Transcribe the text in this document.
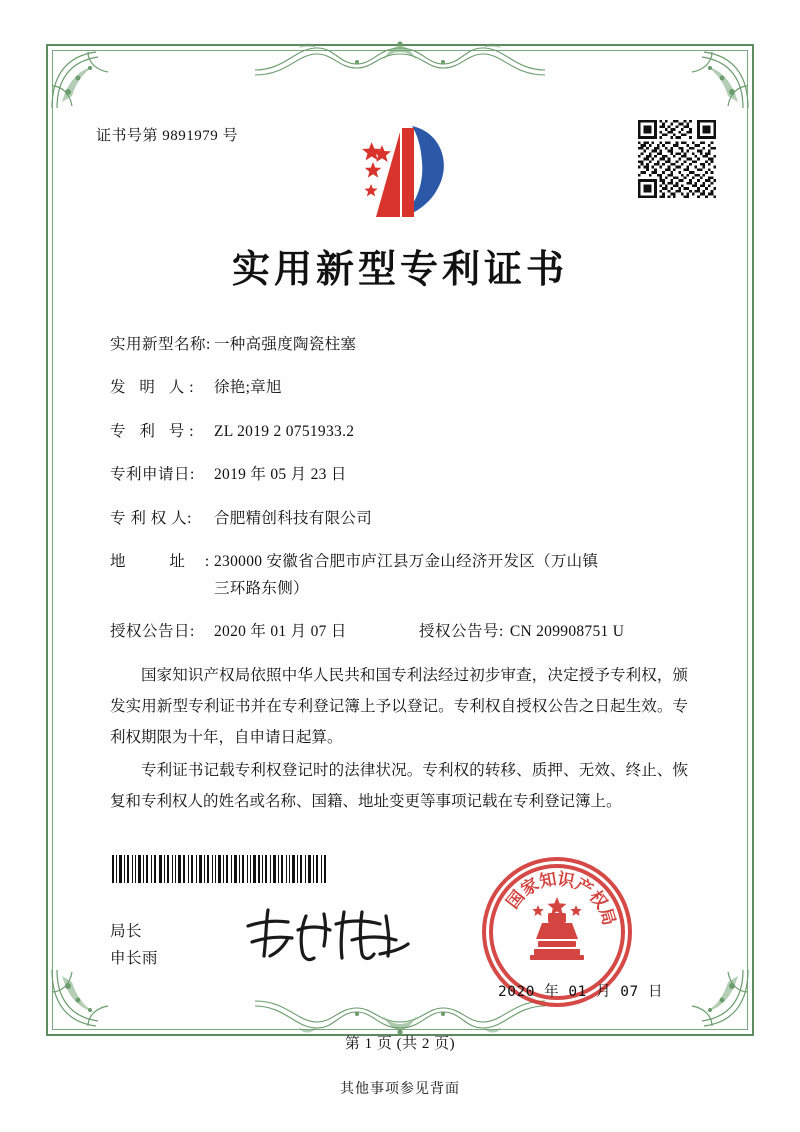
证书号第 9891979 号
实用新型专利证书
实用新型名称: 一种高强度陶瓷柱塞
发 明 人: 徐艳;章旭
专 利 号: ZL 2019 2 0751933.2
专利申请日:	2019 年 05 月 23 日
专 利 权 人:	合肥精创科技有限公司
地 址:
230000 安徽省合肥市庐江县万金山经济开发区（万山镇
三环路东侧）
授权公告日:	2020 年 01 月 07 日	授权公告号: CN 209908751 U

国家知识产权局依照中华人民共和国专利法经过初步审查，决定授予专利权，颁发实用新型专利证书并在专利登记簿上予以登记。专利权自授权公告之日起生效。专利权期限为十年，自申请日起算。

专利证书记载专利权登记时的法律状况。专利权的转移、质押、无效、终止、恢复和专利权人的姓名或名称、国籍、地址变更等事项记载在专利登记簿上。

局长
申长雨
国
家
知
识
产
权
局
2020 年 01 月 07 日
第 1 页 (共 2 页)
其他事项参见背面
